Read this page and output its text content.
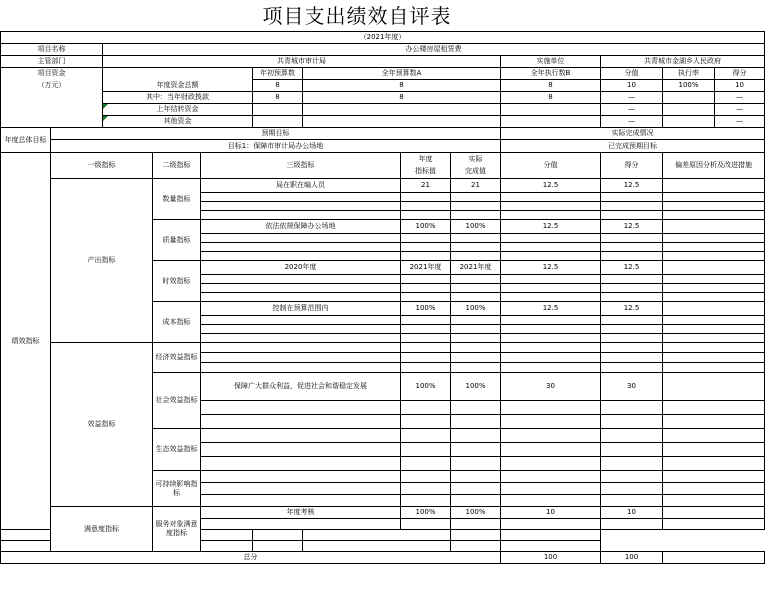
项目支出绩效自评表
（2021年度）												
项目名称		办公楼房屋租赁费										
主管部门		共青城市审计局							实施单位	共青城市金湖乡人民政府		
项目资金					年初预算数	全年预算数A			全年执行数B	分值	执行率	得分
（万元）		年度资金总额			8	8			8	10	100%	10
		其中：当年财政拨款			8	8			8	—		—
		上年结转资金								—		—
		其他资金								—		—
年度总体目标	预期目标								实际完成情况			
	目标1：保障市审计局办公场地								已完成预期目标			
绩效指标	一级指标		二级指标	三级指标			年度	实际	分值	得分	偏差原因分析及改进措施	
							指标值	完成值				
	产出指标		数量指标	局在职在编人员			21	21	12.5	12.5		

			质量指标	依法依规保障办公场地			100%	100%	12.5	12.5		

			时效指标	2020年度			2021年度	2021年度	12.5	12.5		

			成本指标	控制在预算范围内			100%	100%	12.5	12.5		

	效益指标		经济效益指标									

			社会效益指标	保障广大群众利益，促进社会和谐稳定发展			100%	100%	30	30		

			生态效益指标									

			可持续影响指标									

	满意度指标		服务对象满意度指标	年度考核			100%	100%	10	10		

总分									100	100		
